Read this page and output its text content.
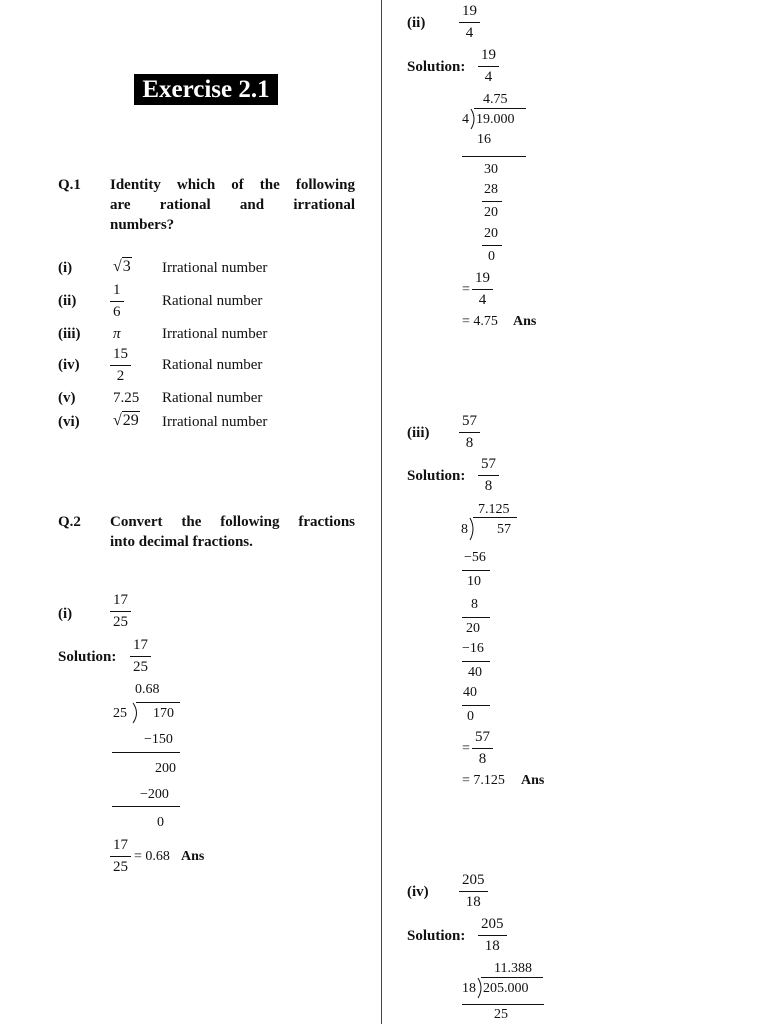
Exercise 2.1
Q.1 Identity which of the following
are rational and irrational
numbers?
(i)	√3 Irrational number
$(ii) \frac{1}{6}$	Rational number
(iii) π	Irrational number
$(iv) \frac{15}{2}$ Rational number
(v)	7.25 Rational number
(vi) √29 Irrational number
Q.2 Convert the following fractions
into decimal fractions.
(i)	$\frac{17}{25}$
Solution: $\frac{17}{25}$
0.68
25 170
−150
200
−200
0
$\frac{17}{25} = 0.68$ Ans
$(ii) \frac{19}{4}$
Solution: $\frac{19}{4}$
4.75
4 19.000
16
30
28
20
20
0
= $\frac{19}{4}$
= 4.75 Ans
$(iii) \frac{57}{8}$
Solution: $\frac{57}{8}$
7.125
8 57
−56
10
8
20
−16
40
40
0
= $\frac{57}{8}$
= 7.125 Ans
$(iv) \frac{205}{18}$
Solution: $\frac{205}{18}$
11.388
18 205.000
25
